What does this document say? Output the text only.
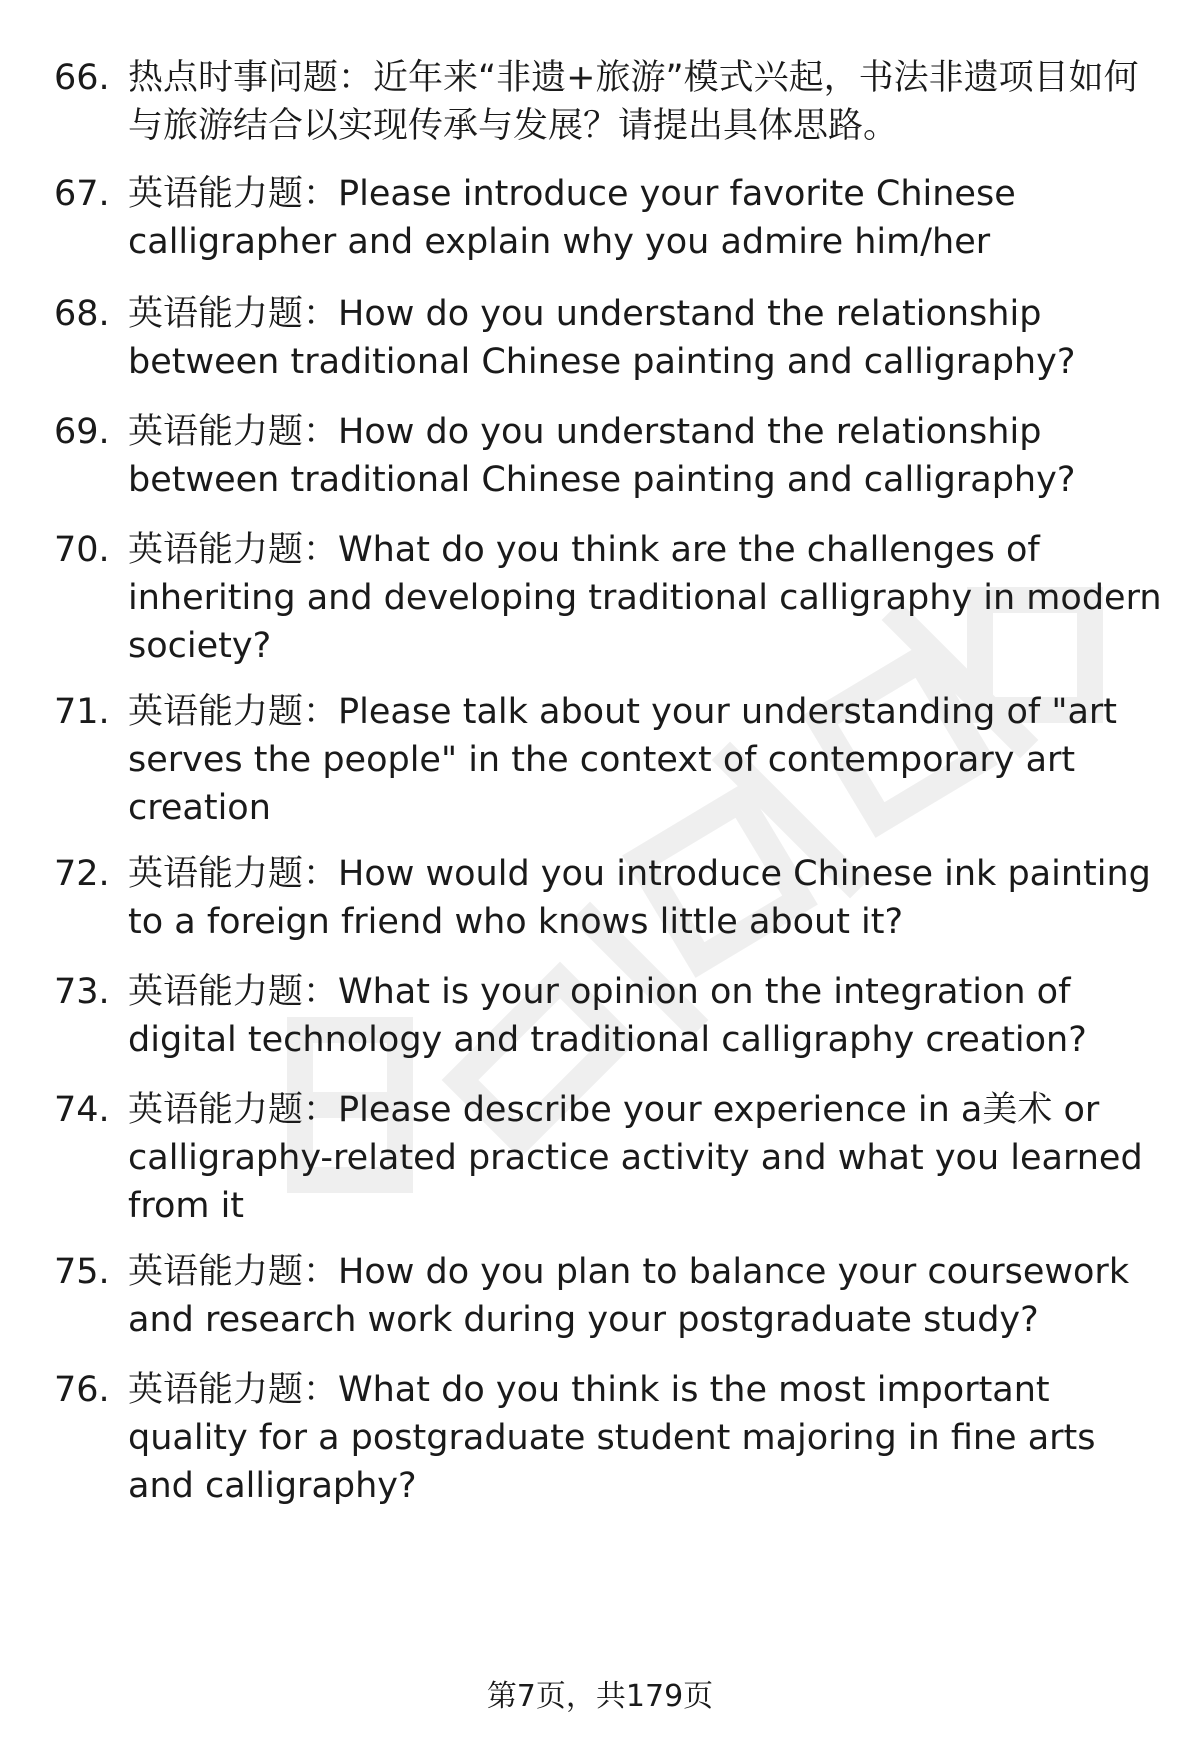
66. 热点时事问题：近年来“非遗+旅游”模式兴起，书法非遗项目如何与旅游结合以实现传承与发展？请提出具体思路。
67. 英语能力题：Please introduce your favorite Chinese calligrapher and explain why you admire him/her
68. 英语能力题：How do you understand the relationship between traditional Chinese painting and calligraphy?
69. 英语能力题：How do you understand the relationship between traditional Chinese painting and calligraphy?
70. 英语能力题：What do you think are the challenges of inheriting and developing traditional calligraphy in modern society?
71. 英语能力题：Please talk about your understanding of "art serves the people" in the context of contemporary art creation
72. 英语能力题：How would you introduce Chinese ink painting to a foreign friend who knows little about it?
73. 英语能力题：What is your opinion on the integration of digital technology and traditional calligraphy creation?
74. 英语能力题：Please describe your experience in a美术 or calligraphy-related practice activity and what you learned from it
75. 英语能力题：How do you plan to balance your coursework and research work during your postgraduate study?
76. 英语能力题：What do you think is the most important quality for a postgraduate student majoring in fine arts and calligraphy?
第7页，共179页
